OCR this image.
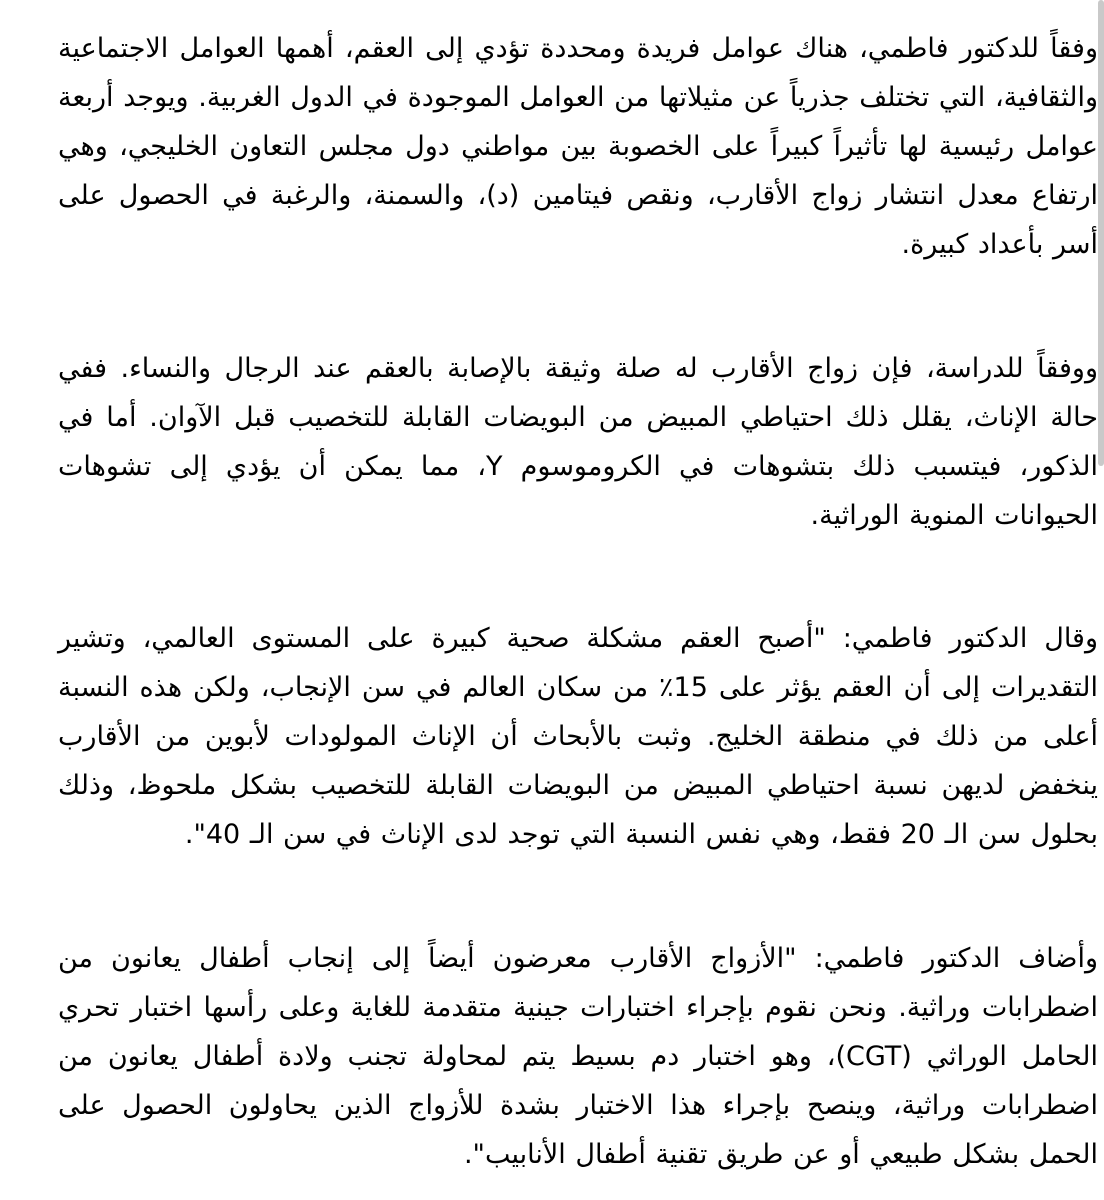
وفقاً للدكتور فاطمي، هناك عوامل فريدة ومحددة تؤدي إلى العقم، أهمها العوامل الاجتماعية والثقافية، التي تختلف جذرياً عن مثيلاتها من العوامل الموجودة في الدول الغربية. ويوجد أربعة عوامل رئيسية لها تأثيراً كبيراً على الخصوبة بين مواطني دول مجلس التعاون الخليجي، وهي ارتفاع معدل انتشار زواج الأقارب، ونقص فيتامين (د)، والسمنة، والرغبة في الحصول على أسر بأعداد كبيرة.

ووفقاً للدراسة، فإن زواج الأقارب له صلة وثيقة بالإصابة بالعقم عند الرجال والنساء. ففي حالة الإناث، يقلل ذلك احتياطي المبيض من البويضات القابلة للتخصيب قبل الآوان. أما في الذكور، فيتسبب ذلك بتشوهات في الكروموسوم Y، مما يمكن أن يؤدي إلى تشوهات الحيوانات المنوية الوراثية.

وقال الدكتور فاطمي: "أصبح العقم مشكلة صحية كبيرة على المستوى العالمي، وتشير التقديرات إلى أن العقم يؤثر على 15٪ من سكان العالم في سن الإنجاب، ولكن هذه النسبة أعلى من ذلك في منطقة الخليج. وثبت بالأبحاث أن الإناث المولودات لأبوين من الأقارب ينخفض لديهن نسبة احتياطي المبيض من البويضات القابلة للتخصيب بشكل ملحوظ، وذلك بحلول سن الـ 20 فقط، وهي نفس النسبة التي توجد لدى الإناث في سن الـ 40".

وأضاف الدكتور فاطمي: "الأزواج الأقارب معرضون أيضاً إلى إنجاب أطفال يعانون من اضطرابات وراثية. ونحن نقوم بإجراء اختبارات جينية متقدمة للغاية وعلى رأسها اختبار تحري الحامل الوراثي (CGT)، وهو اختبار دم بسيط يتم لمحاولة تجنب ولادة أطفال يعانون من اضطرابات وراثية، وينصح بإجراء هذا الاختبار بشدة للأزواج الذين يحاولون الحصول على الحمل بشكل طبيعي أو عن طريق تقنية أطفال الأنابيب".
